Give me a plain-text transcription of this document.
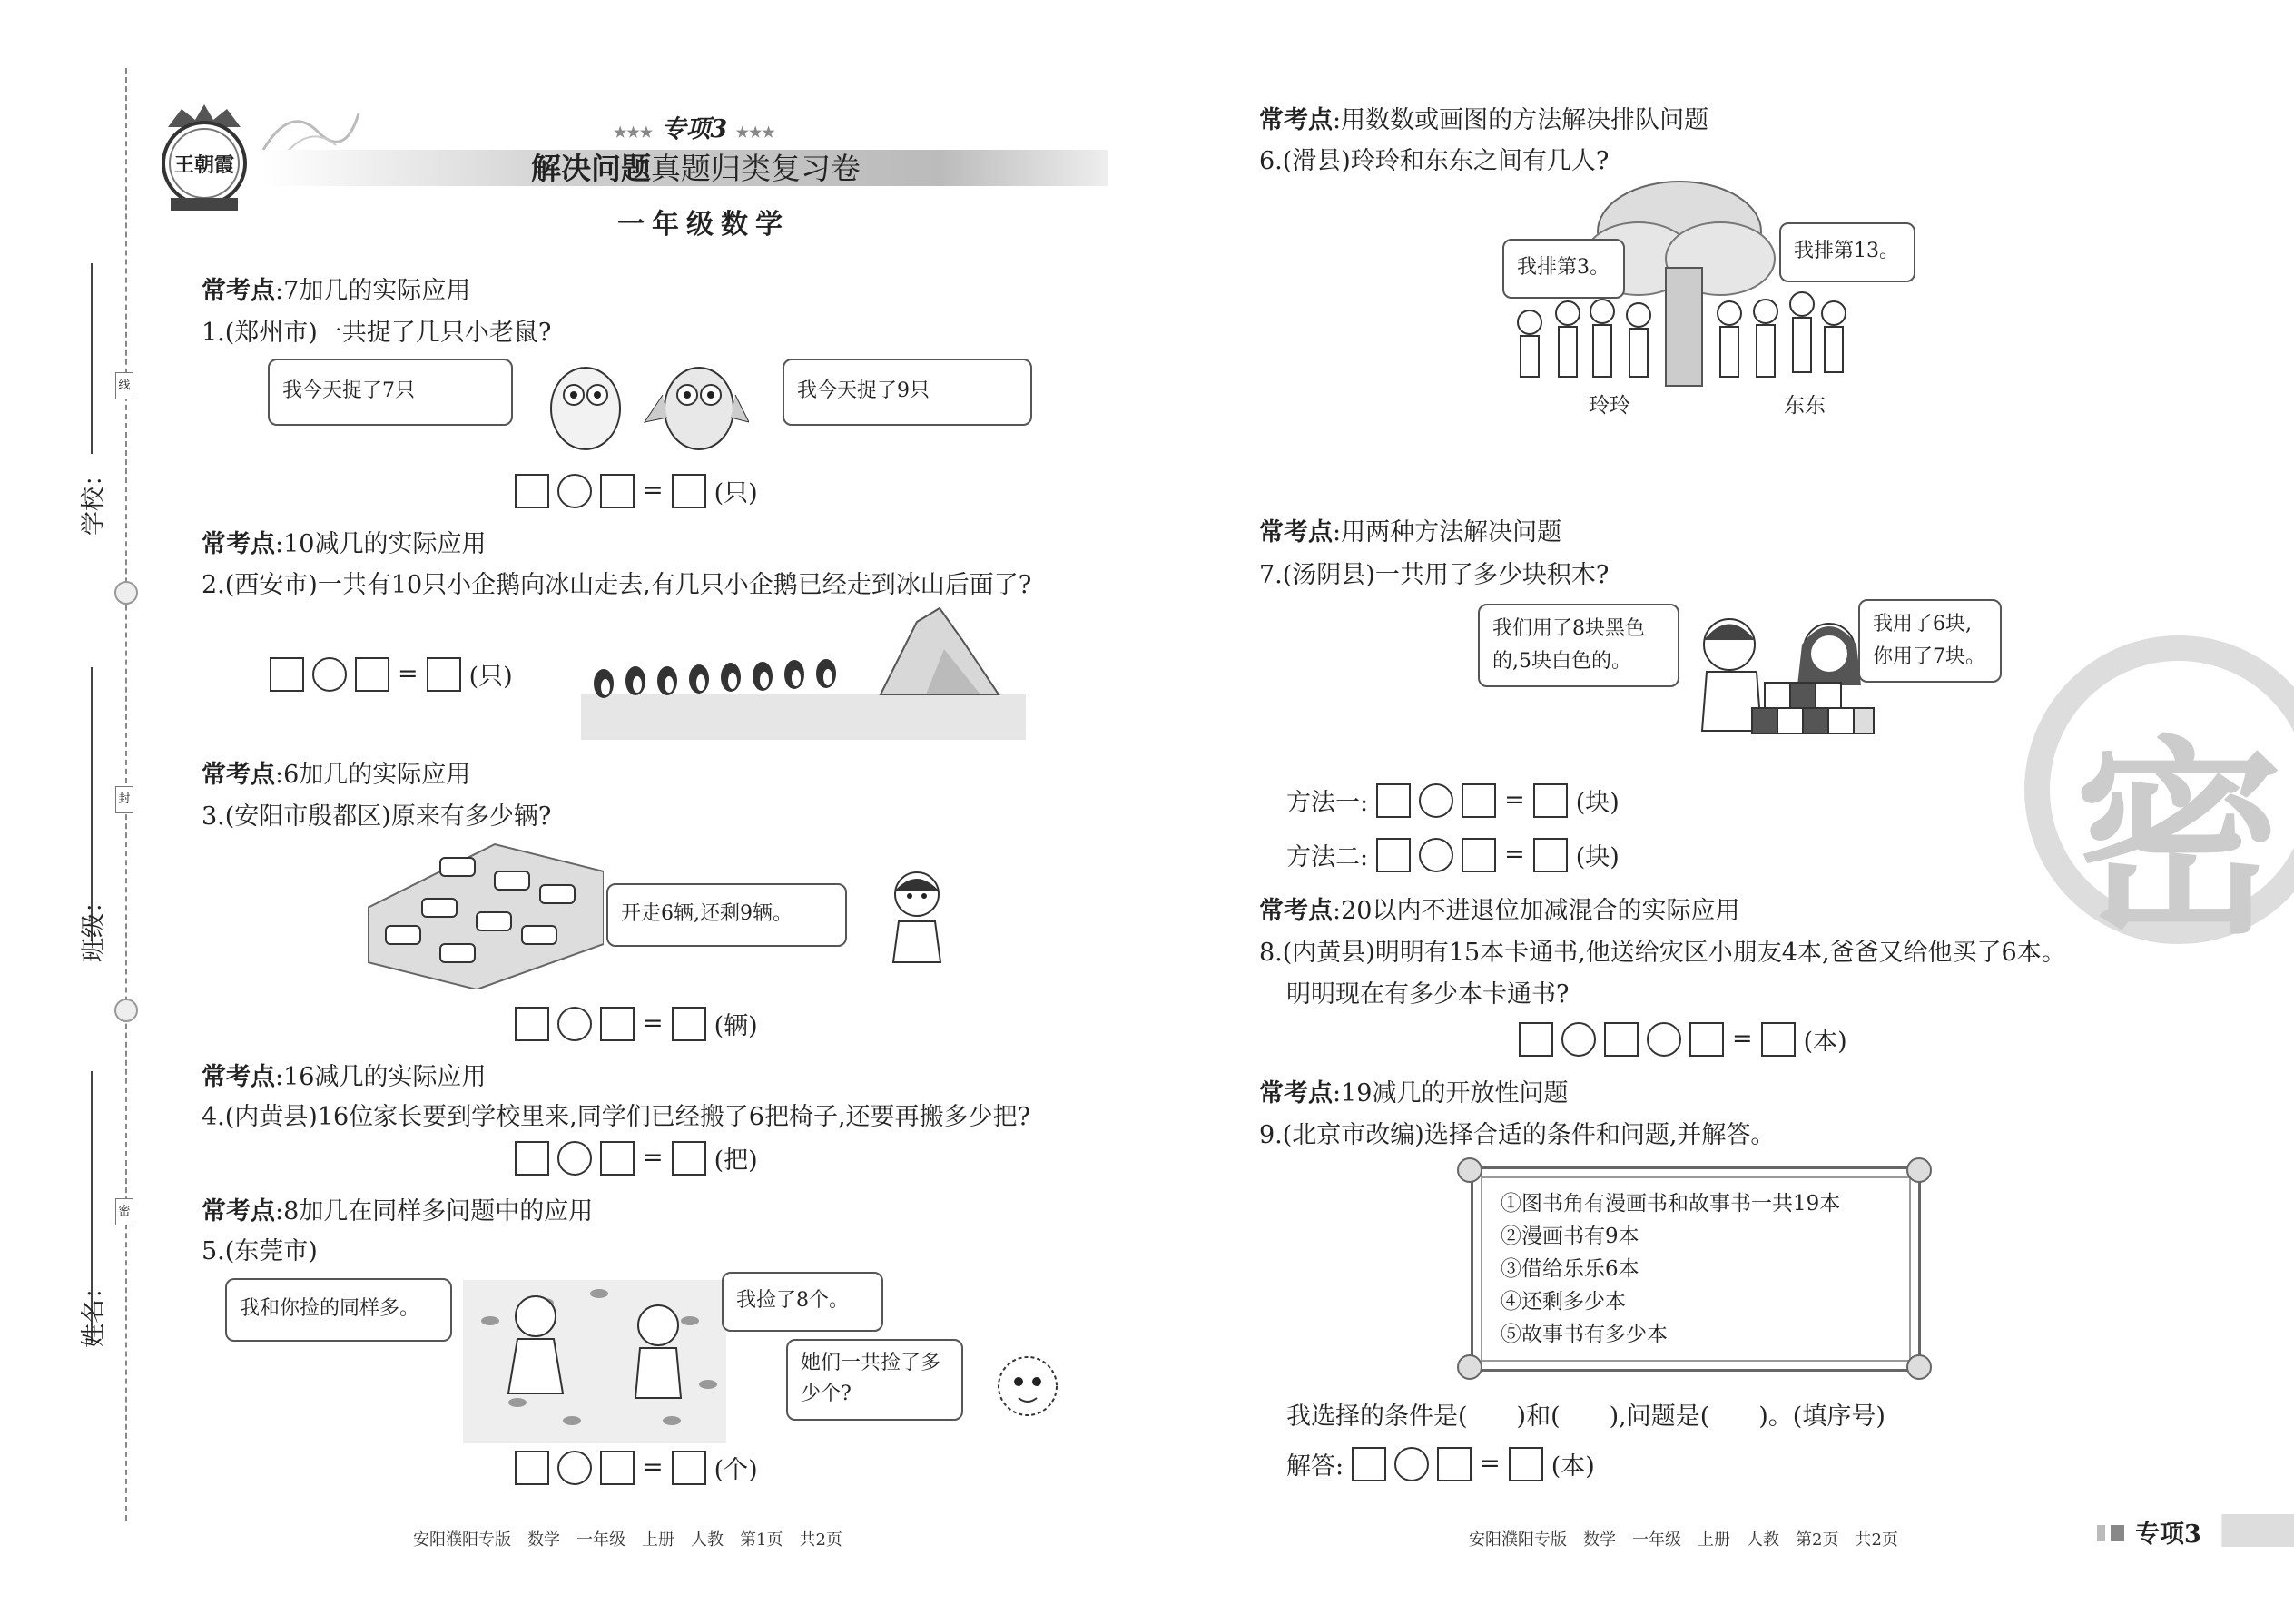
学校：
班级：
姓名：
线
封
密
王朝霞
★★★ 专项3 ★★★
解决问题真题归类复习卷
一年级数学
常考点:7加几的实际应用
1.(郑州市)一共捉了几只小老鼠?
我今天捉了7只	我今天捉了9只
= (只)
常考点:10减几的实际应用
2.(西安市)一共有10只小企鹅向冰山走去,有几只小企鹅已经走到冰山后面了?
= (只)
常考点:6加几的实际应用
3.(安阳市殷都区)原来有多少辆?
开走6辆,还剩9辆。
= (辆)
常考点:16减几的实际应用
4.(内黄县)16位家长要到学校里来,同学们已经搬了6把椅子,还要再搬多少把?
= (把)
常考点:8加几在同样多问题中的应用
5.(东莞市)
我和你捡的同样多。	我捡了8个。
她们一共捡了多少个?
= (个)
安阳濮阳专版　数学　一年级　上册　人教　第1页　共2页
常考点:用数数或画图的方法解决排队问题
6.(滑县)玲玲和东东之间有几人?
我排第3。
我排第13。
玲玲	东东
常考点:用两种方法解决问题
7.(汤阴县)一共用了多少块积木?
我们用了8块黑色的,5块白色的。
我用了6块,你用了7块。
方法一:	= (块)
方法二:	= (块)
常考点:20以内不进退位加减混合的实际应用
8.(内黄县)明明有15本卡通书,他送给灾区小朋友4本,爸爸又给他买了6本。
明明现在有多少本卡通书?
= (本)
常考点:19减几的开放性问题
9.(北京市改编)选择合适的条件和问题,并解答。
①图书角有漫画书和故事书一共19本
②漫画书有9本
③借给乐乐6本
④还剩多少本
⑤故事书有多少本
我选择的条件是(　　)和(　　),问题是(　　)。(填序号)
解答:	= (本)
密
安阳濮阳专版　数学　一年级　上册　人教　第2页　共2页	专项3
